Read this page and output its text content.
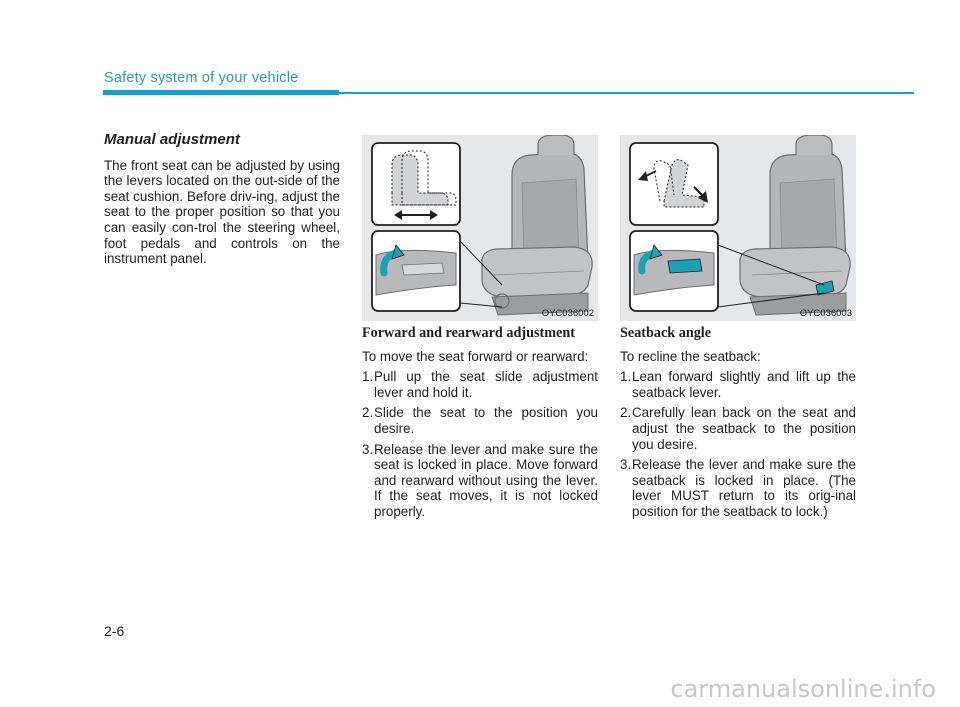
Safety system of your vehicle
Manual adjustment

The front seat can be adjusted by using the levers located on the out-side of the seat cushion. Before driv-ing, adjust the seat to the proper position so that you can easily con-trol the steering wheel, foot pedals and controls on the instrument panel.

OYC036002	OYC036003
Forward and rearward adjustment

To move the seat forward or rearward:

1. Pull up the seat slide adjustment lever and hold it.
2. Slide the seat to the position you desire.
3. Release the lever and make sure the seat is locked in place. Move forward and rearward without using the lever. If the seat moves, it is not locked properly.
Seatback angle

To recline the seatback:

1. Lean forward slightly and lift up the seatback lever.
2. Carefully lean back on the seat and adjust the seatback to the position you desire.
3. Release the lever and make sure the seatback is locked in place. (The lever MUST return to its orig-inal position for the seatback to lock.)
2-6
carmanualsonline.info
